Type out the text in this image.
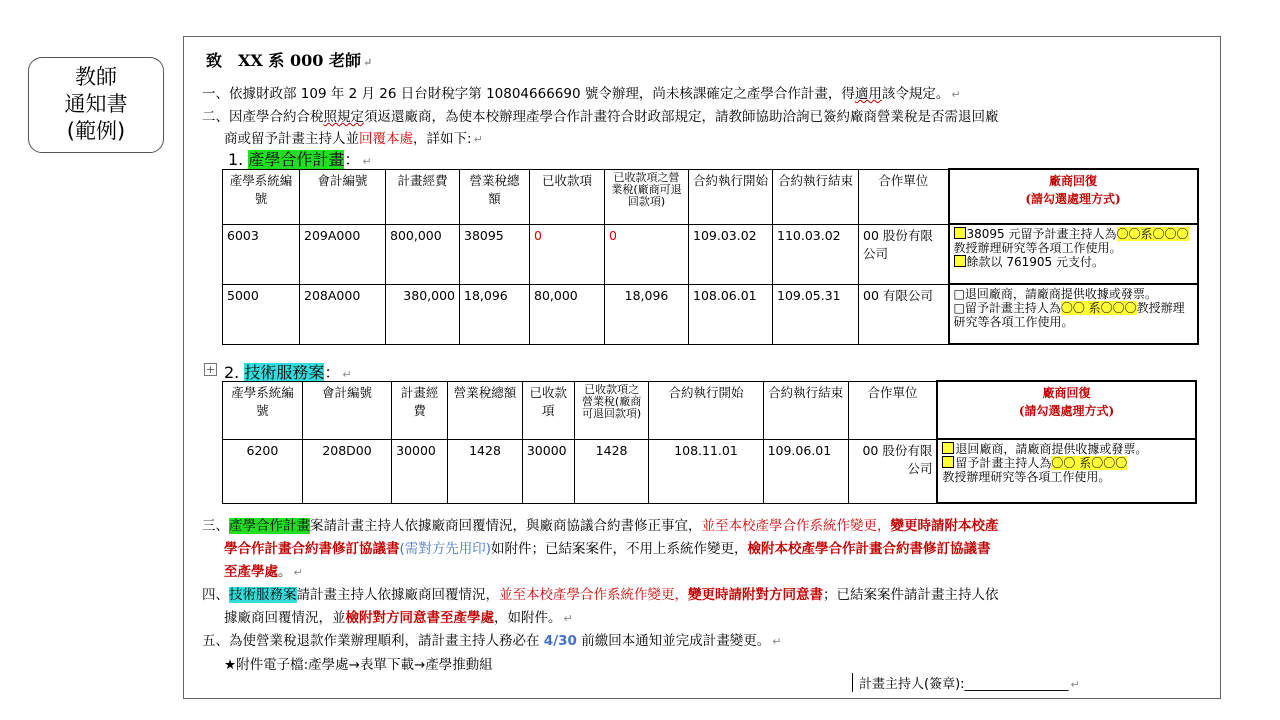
教師
通知書
(範例)
致　XX 系 000 老師 ↵
一、依據財政部 109 年 2 月 26 日台財稅字第 10804666690 號令辦理，尚未核課確定之產學合作計畫，得適用該令規定。 ↵
二、因產學合約合稅照規定須返還廠商，為使本校辦理產學合作計畫符合財政部規定，請教師協助洽詢已簽約廠商營業稅是否需退回廠
商或留予計畫主持人並回覆本處，詳如下: ↵
1. 產學合作計畫： ↵
產學系統編號	會計編號	計畫經費	營業稅總額	已收款項	已收款項之營業稅(廠商可退回款項)	合約執行開始	合約執行結束	合作單位	廠商回復
(請勾選處理方式)	

6003	209A000	800,000	38095	0	0	109.03.02	110.03.02	00 股份有限公司	38095 元留予計畫主持人為〇〇系〇〇〇教授辦理研究等各項工作使用。
餘款以 761905 元支付。	

5000	208A000	380,000	18,096	80,000	18,096	108.06.01	109.05.31	00 有限公司	□退回廠商，請廠商提供收據或發票。
□留予計畫主持人為〇〇 系〇〇〇教授辦理研究等各項工作使用。	

+ 2. 技術服務案： ↵
產學系統編號	會計編號	計畫經費	營業稅總額	已收款項	已收款項之營業稅(廠商可退回款項)	合約執行開始	合約執行結束	合作單位	廠商回復
(請勾選處理方式)	

6200	208D00	30000	1428	30000	1428	108.11.01	109.06.01	00 股份有限公司	退回廠商，請廠商提供收據或發票。
留予計畫主持人為〇〇 系〇〇〇
教授辦理研究等各項工作使用。	

三、產學合作計畫案請計畫主持人依據廠商回覆情況，與廠商協議合約書修正事宜，並至本校產學合作系統作變更，變更時請附本校產
學合作計畫合約書修訂協議書(需對方先用印)如附件；已結案案件，不用上系統作變更，檢附本校產學合作計畫合約書修訂協議書
至產學處。 ↵
四、技術服務案請計畫主持人依據廠商回覆情況，並至本校產學合作系統作變更，變更時請附對方同意書；已結案案件請計畫主持人依
據廠商回覆情況，並檢附對方同意書至產學處，如附件。 ↵
五、為使營業稅退款作業辦理順利，請計畫主持人務必在 4/30 前繳回本通知並完成計畫變更。 ↵
★附件電子檔:產學處→表單下載→產學推動組
計畫主持人(簽章):________________ ↵
